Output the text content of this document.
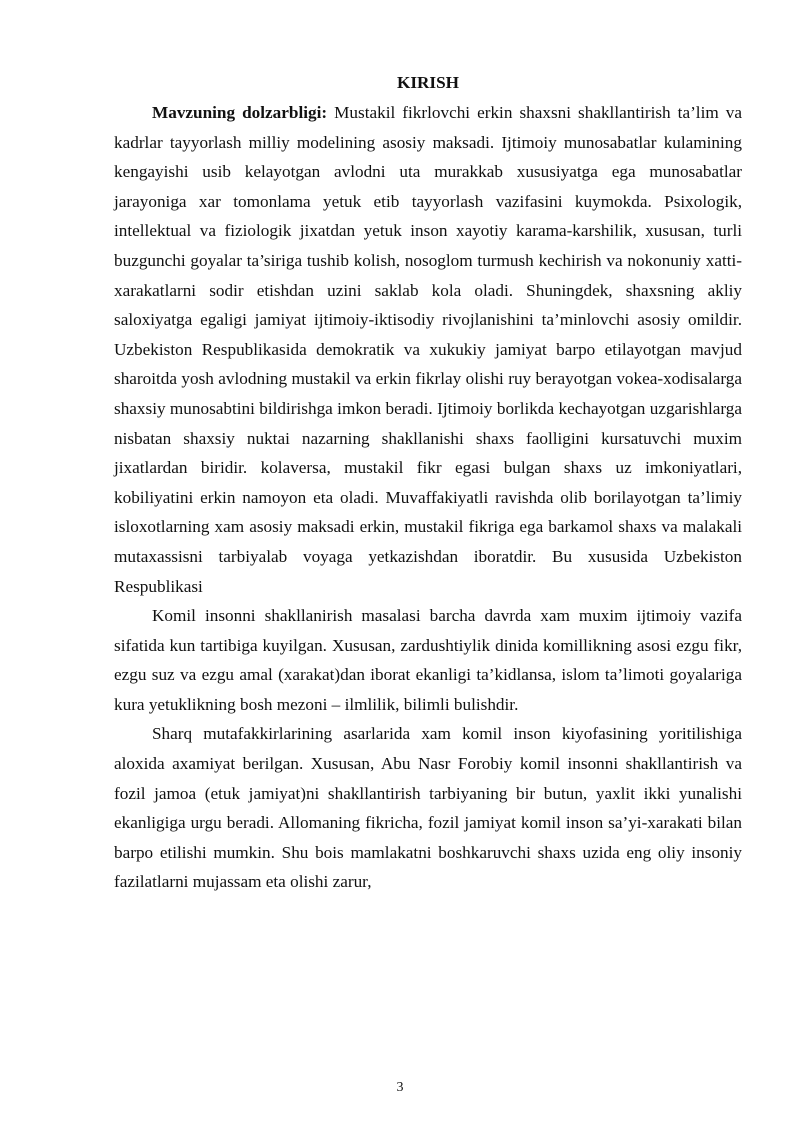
KIRISH

Mavzuning dolzarbligi: Mustakil fikrlovchi erkin shaxsni shakllantirish ta’lim va kadrlar tayyorlash milliy modelining asosiy maksadi. Ijtimoiy munosabatlar kulamining kengayishi usib kelayotgan avlodni uta murakkab xususiyatga ega munosabatlar jarayoniga xar tomonlama yetuk etib tayyorlash vazifasini kuymokda. Psixologik, intellektual va fiziologik jixatdan yetuk inson xayotiy karama-karshilik, xususan, turli buzgunchi goyalar ta’siriga tushib kolish, nosoglom turmush kechirish va nokonuniy xatti-xarakatlarni sodir etishdan uzini saklab kola oladi. Shuningdek, shaxsning akliy saloxiyatga egaligi jamiyat ijtimoiy-iktisodiy rivojlanishini ta’minlovchi asosiy omildir. Uzbekiston Respublikasida demokratik va xukukiy jamiyat barpo etilayotgan mavjud sharoitda yosh avlodning mustakil va erkin fikrlay olishi ruy berayotgan vokea-xodisalarga shaxsiy munosabtini bildirishga imkon beradi. Ijtimoiy borlikda kechayotgan uzgarishlarga nisbatan shaxsiy nuktai nazarning shakllanishi shaxs faolligini kursatuvchi muxim jixatlardan biridir. kolaversa, mustakil fikr egasi bulgan shaxs uz imkoniyatlari, kobiliyatini erkin namoyon eta oladi. Muvaffakiyatli ravishda olib borilayotgan ta’limiy isloxotlarning xam asosiy maksadi erkin, mustakil fikriga ega barkamol shaxs va malakali mutaxassisni tarbiyalab voyaga yetkazishdan iboratdir. Bu xususida Uzbekiston Respublikasi

Komil insonni shakllanirish masalasi barcha davrda xam muxim ijtimoiy vazifa sifatida kun tartibiga kuyilgan. Xususan, zardushtiylik dinida komillikning asosi ezgu fikr, ezgu suz va ezgu amal (xarakat)dan iborat ekanligi ta’kidlansa, islom ta’limoti goyalariga kura yetuklikning bosh mezoni – ilmlilik, bilimli bulishdir.

Sharq mutafakkirlarining asarlarida xam komil inson kiyofasining yoritilishiga aloxida axamiyat berilgan. Xususan, Abu Nasr Forobiy komil insonni shakllantirish va fozil jamoa (etuk jamiyat)ni shakllantirish tarbiyaning bir butun, yaxlit ikki yunalishi ekanligiga urgu beradi. Allomaning fikricha, fozil jamiyat komil inson sa’yi-xarakati bilan barpo etilishi mumkin. Shu bois mamlakatni boshkaruvchi shaxs uzida eng oliy insoniy fazilatlarni mujassam eta olishi zarur,

3
